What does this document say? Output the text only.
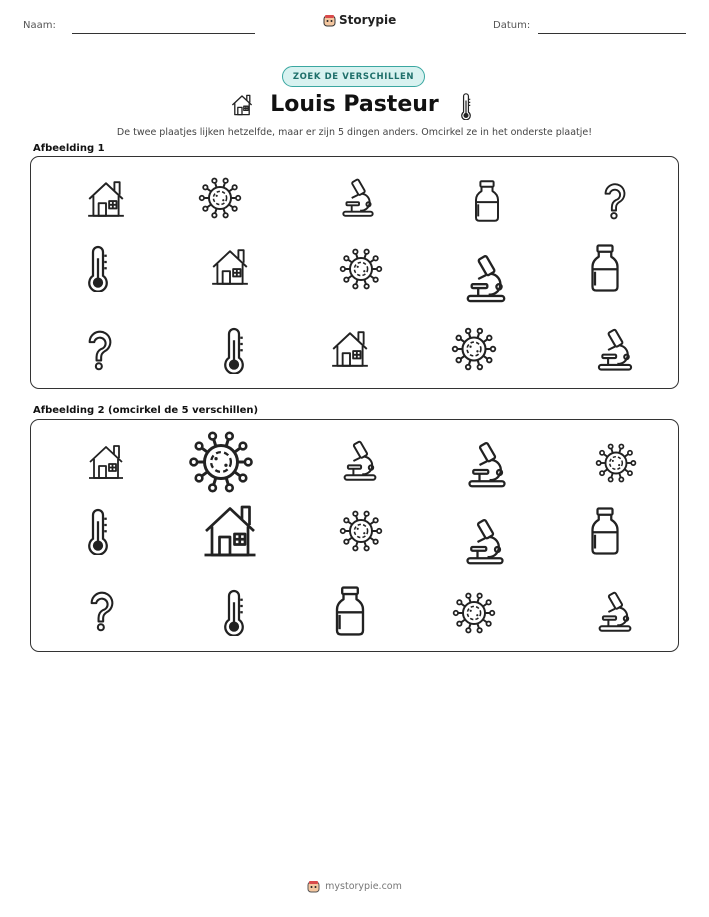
Naam:	Storypie	Datum:
ZOEK DE VERSCHILLEN
Louis Pasteur
De twee plaatjes lijken hetzelfde, maar er zijn 5 dingen anders. Omcirkel ze in het onderste plaatje!
Afbeelding 1
Afbeelding 2 (omcirkel de 5 verschillen)
mystorypie.com
